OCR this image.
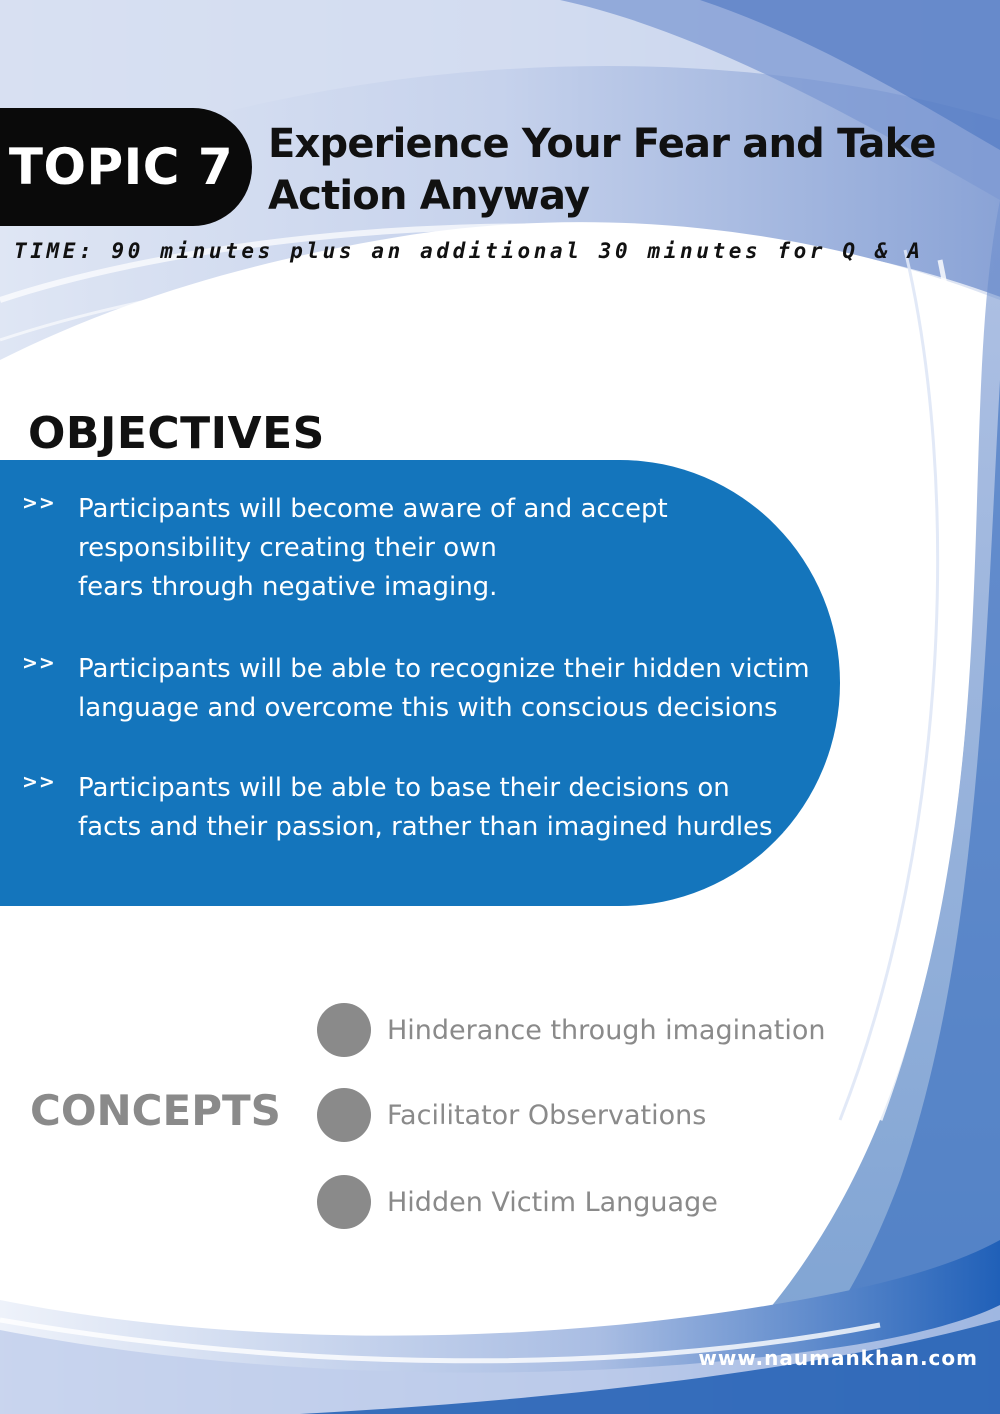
TOPIC 7 Experience Your Fear and Take
Action Anyway
TIME: 90 minutes plus an additional 30 minutes for Q & A
OBJECTIVES
>> Participants will become aware of and accept
responsibility creating their own
fears through negative imaging.
>> Participants will be able to recognize their hidden victim
language and overcome this with conscious decisions
>> Participants will be able to base their decisions on
facts and their passion, rather than imagined hurdles .
CONCEPTS
Hinderance through imagination
Facilitator Observations
Hidden Victim Language
www.naumankhan.com
